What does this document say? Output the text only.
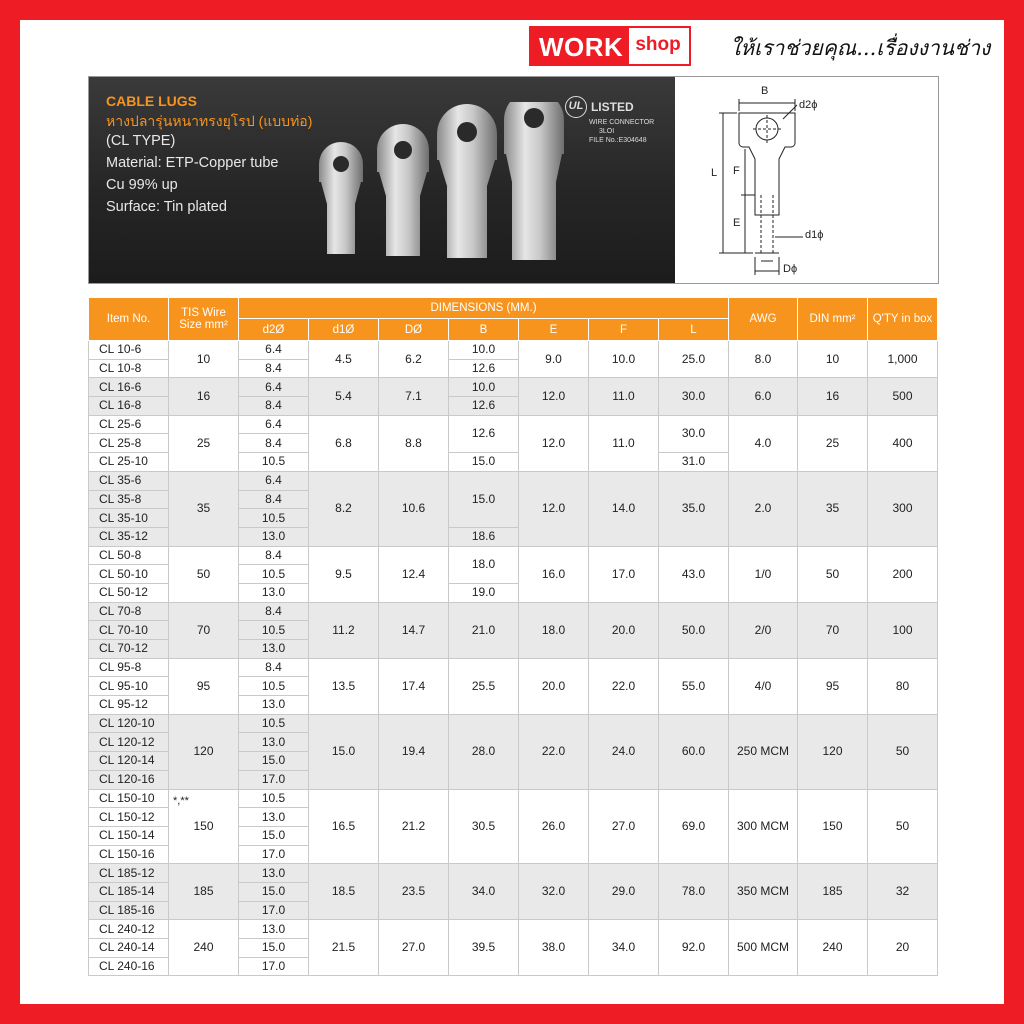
WORK shop	ให้เราช่วยคุณ...เรื่องงานช่าง
CABLE LUGS
หางปลารุ่นหนาทรงยุโรป (แบบท่อ)
(CL TYPE)
Material: ETP-Copper tube
Cu 99% up
Surface: Tin plated
UL LISTED
WIRE CONNECTOR
3LOI
FILE No.:E304648
B
d2ϕ
L F
E
d1ϕ
Dϕ
Item No.	TIS Wire Size mm²	DIMENSIONS (MM.)							AWG	DIN mm²	Q'TY in box
		d2Ø	d1Ø	DØ	B	E	F	L			
CL 10-6	10	6.4	4.5	6.2	10.0	9.0	10.0	25.0	8.0	10	1,000
CL 10-8		8.4			12.6						
CL 16-6	16	6.4	5.4	7.1	10.0	12.0	11.0	30.0	6.0	16	500
CL 16-8		8.4			12.6						
CL 25-6	25	6.4	6.8	8.8	12.6	12.0	11.0	30.0	4.0	25	400
CL 25-8		8.4									
CL 25-10		10.5			15.0			31.0			
CL 35-6	35	6.4	8.2	10.6	15.0	12.0	14.0	35.0	2.0	35	300
CL 35-8		8.4									
CL 35-10		10.5									
CL 35-12		13.0			18.6						
CL 50-8	50	8.4	9.5	12.4	18.0	16.0	17.0	43.0	1/0	50	200
CL 50-10		10.5									
CL 50-12		13.0			19.0						
CL 70-8	70	8.4	11.2	14.7	21.0	18.0	20.0	50.0	2/0	70	100
CL 70-10		10.5									
CL 70-12		13.0									
CL 95-8	95	8.4	13.5	17.4	25.5	20.0	22.0	55.0	4/0	95	80
CL 95-10		10.5									
CL 95-12		13.0									
CL 120-10	120	10.5	15.0	19.4	28.0	22.0	24.0	60.0	250 MCM	120	50
CL 120-12		13.0									
CL 120-14		15.0									
CL 120-16		17.0									
CL 150-10	150	10.5	16.5	21.2	30.5	26.0	27.0	69.0	300 MCM	150	50
CL 150-12		13.0									
CL 150-14		15.0									
CL 150-16		17.0									
CL 185-12	185	13.0	18.5	23.5	34.0	32.0	29.0	78.0	350 MCM	185	32
CL 185-14		15.0									
CL 185-16		17.0									
CL 240-12	240	13.0	21.5	27.0	39.5	38.0	34.0	92.0	500 MCM	240	20
CL 240-14		15.0									
CL 240-16		17.0									
*,**
